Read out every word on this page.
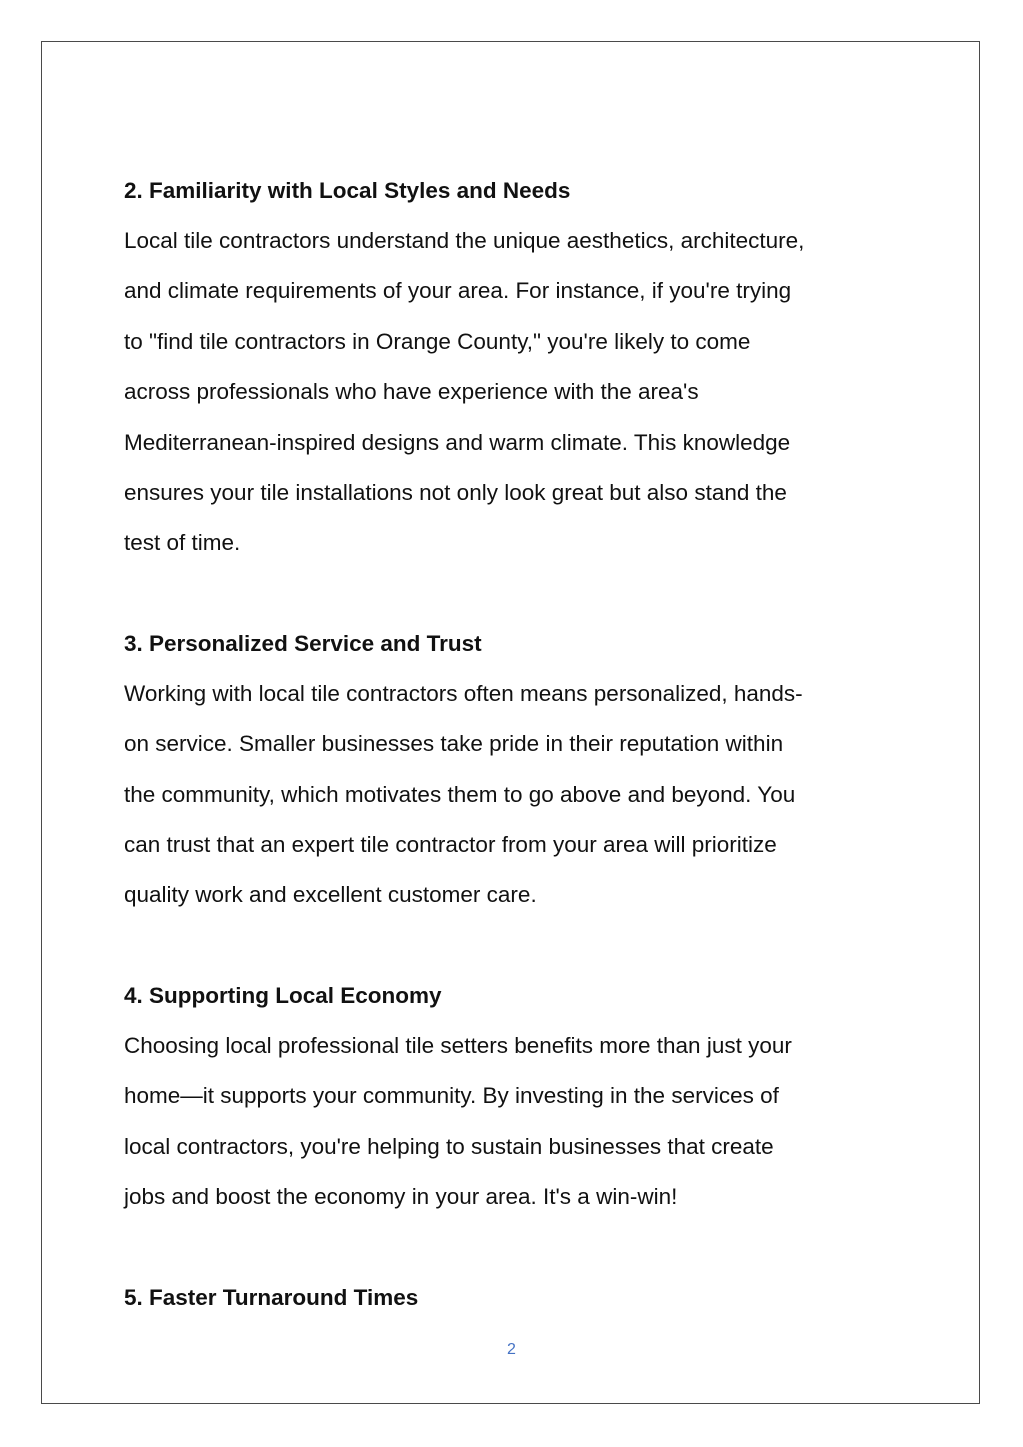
2. Familiarity with Local Styles and Needs
Local tile contractors understand the unique aesthetics, architecture,
and climate requirements of your area. For instance, if you're trying
to "find tile contractors in Orange County," you're likely to come
across professionals who have experience with the area's
Mediterranean-inspired designs and warm climate. This knowledge
ensures your tile installations not only look great but also stand the
test of time.
3. Personalized Service and Trust
Working with local tile contractors often means personalized, hands-
on service. Smaller businesses take pride in their reputation within
the community, which motivates them to go above and beyond. You
can trust that an expert tile contractor from your area will prioritize
quality work and excellent customer care.
4. Supporting Local Economy
Choosing local professional tile setters benefits more than just your
home—it supports your community. By investing in the services of
local contractors, you're helping to sustain businesses that create
jobs and boost the economy in your area. It's a win-win!
5. Faster Turnaround Times
2
